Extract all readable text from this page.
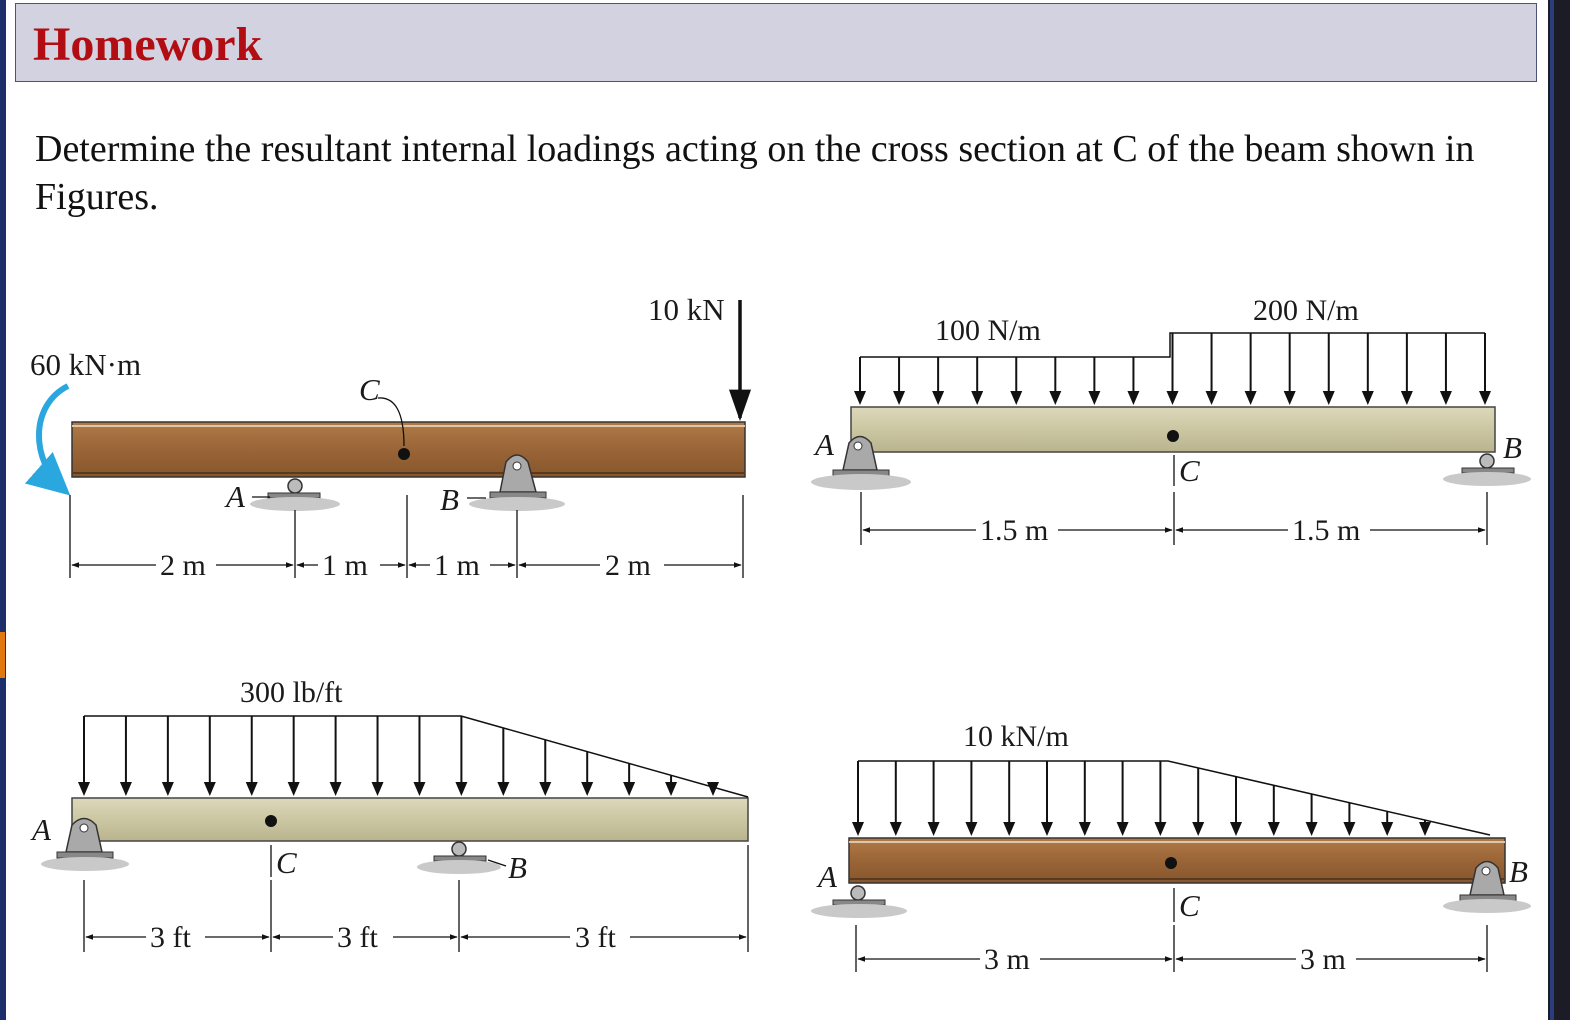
Homework

Determine the resultant internal loadings acting on the cross section at C of the beam shown in Figures.

60 kN·m
10 kN
A	B
C
2 m	1 m 1 m	2 m
100 N/m
200 N/m
A	B
C
1.5 m	1.5 m
300 lb/ft
A
B
C
3 ft	3 ft	3 ft
10 kN/m
A	B
C
3 m	3 m
